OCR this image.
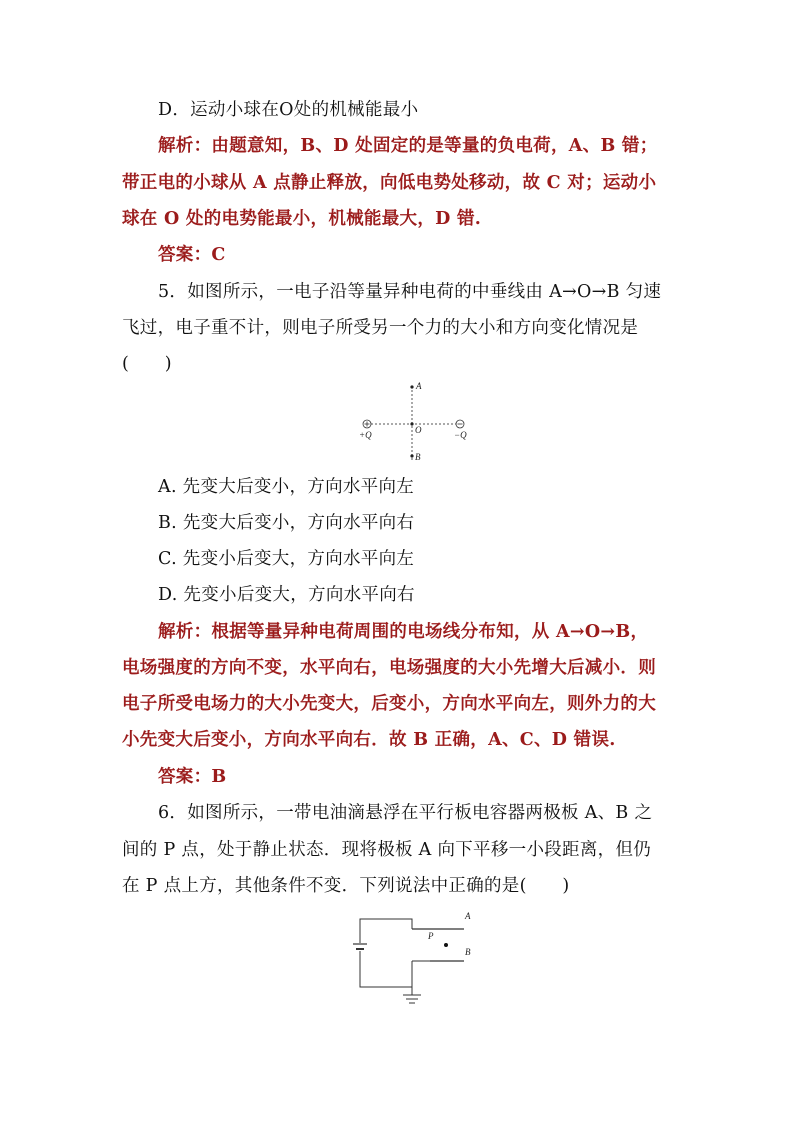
D．运动小球在O处的机械能最小
解析：由题意知，B、D 处固定的是等量的负电荷，A、B 错；
带正电的小球从 A 点静止释放，向低电势处移动，故 C 对；运动小
球在 O 处的电势能最小，机械能最大，D 错.
答案：C
5．如图所示，一电子沿等量异种电荷的中垂线由 A→O→B 匀速
飞过，电子重不计，则电子所受另一个力的大小和方向变化情况是
(　　)
A
O
B
+Q	−Q
A. 先变大后变小，方向水平向左
B. 先变大后变小，方向水平向右
C. 先变小后变大，方向水平向左
D. 先变小后变大，方向水平向右
解析：根据等量异种电荷周围的电场线分布知，从 A→O→B，
电场强度的方向不变，水平向右，电场强度的大小先增大后减小．则
电子所受电场力的大小先变大，后变小，方向水平向左，则外力的大
小先变大后变小，方向水平向右．故 B 正确，A、C、D 错误.
答案：B
6．如图所示，一带电油滴悬浮在平行板电容器两极板 A、B 之
间的 P 点，处于静止状态．现将极板 A 向下平移一小段距离，但仍
在 P 点上方，其他条件不变．下列说法中正确的是(　　)
A
B
P
